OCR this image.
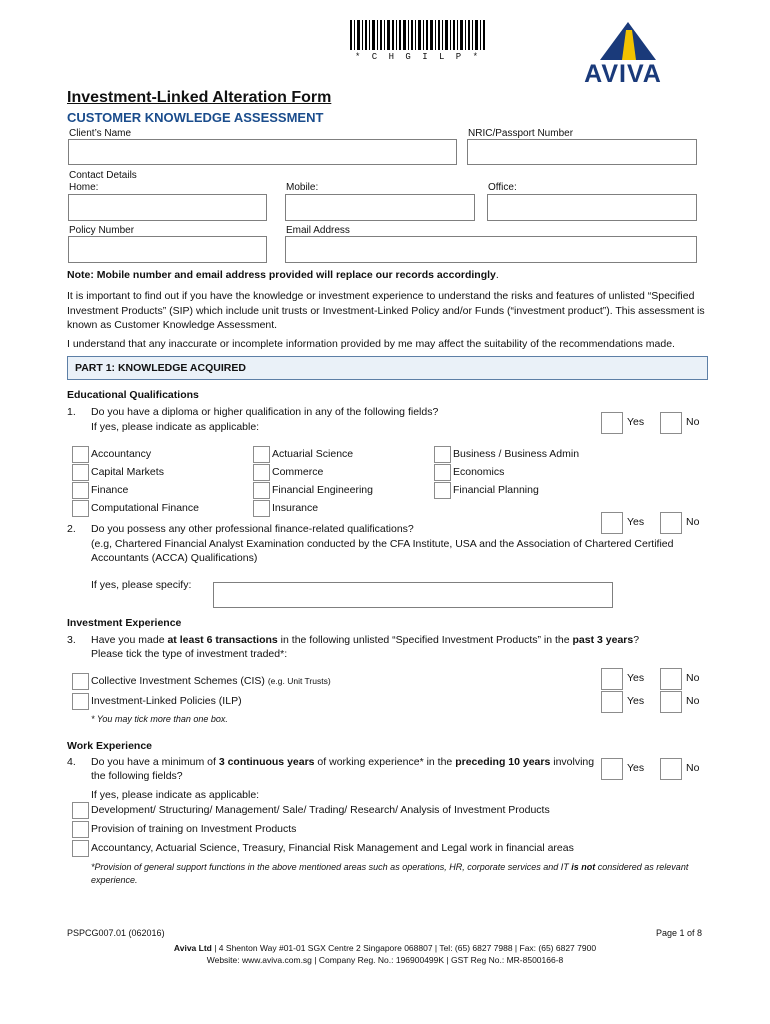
* C H G I L P *
AVIVA
Investment-Linked Alteration Form
CUSTOMER KNOWLEDGE ASSESSMENT
Client’s Name	NRIC/Passport Number
Contact Details
Home:	Mobile:	Office:
Policy Number	Email Address
Note: Mobile number and email address provided will replace our records accordingly.
It is important to find out if you have the knowledge or investment experience to understand the risks and features of unlisted “Specified
Investment Products” (SIP) which include unit trusts or Investment-Linked Policy and/or Funds (“investment product”). This assessment is
known as Customer Knowledge Assessment.
I understand that any inaccurate or incomplete information provided by me may affect the suitability of the recommendations made.
PART 1: KNOWLEDGE ACQUIRED
Educational Qualifications
1. Do you have a diploma or higher qualification in any of the following fields?
If yes, please indicate as applicable:	Yes	No
Accountancy	Actuarial Science	Business / Business Admin
Capital Markets	Commerce	Economics
Finance	Financial Engineering	Financial Planning
Computational Finance	Insurance
Yes	No
2. Do you possess any other professional finance-related qualifications?
(e.g, Chartered Financial Analyst Examination conducted by the CFA Institute, USA and the Association of Chartered Certified
Accountants (ACCA) Qualifications)
If yes, please specify:
Investment Experience
3. Have you made at least 6 transactions in the following unlisted “Specified Investment Products” in the past 3 years?
Please tick the type of investment traded*:
Collective Investment Schemes (CIS) (e.g. Unit Trusts)	Yes	No
Investment-Linked Policies (ILP)	Yes	No
* You may tick more than one box.
Work Experience
4. Do you have a minimum of 3 continuous years of working experience* in the preceding 10 years involving
the following fields?
Yes	No
If yes, please indicate as applicable:
Development/ Structuring/ Management/ Sale/ Trading/ Research/ Analysis of Investment Products
Provision of training on Investment Products
Accountancy, Actuarial Science, Treasury, Financial Risk Management and Legal work in financial areas
*Provision of general support functions in the above mentioned areas such as operations, HR, corporate services and IT is not considered as relevant
experience.
PSPCG007.01 (062016)	Page 1 of 8
Aviva Ltd | 4 Shenton Way #01-01 SGX Centre 2 Singapore 068807 | Tel: (65) 6827 7988 | Fax: (65) 6827 7900
Website: www.aviva.com.sg | Company Reg. No.: 196900499K | GST Reg No.: MR-8500166-8
